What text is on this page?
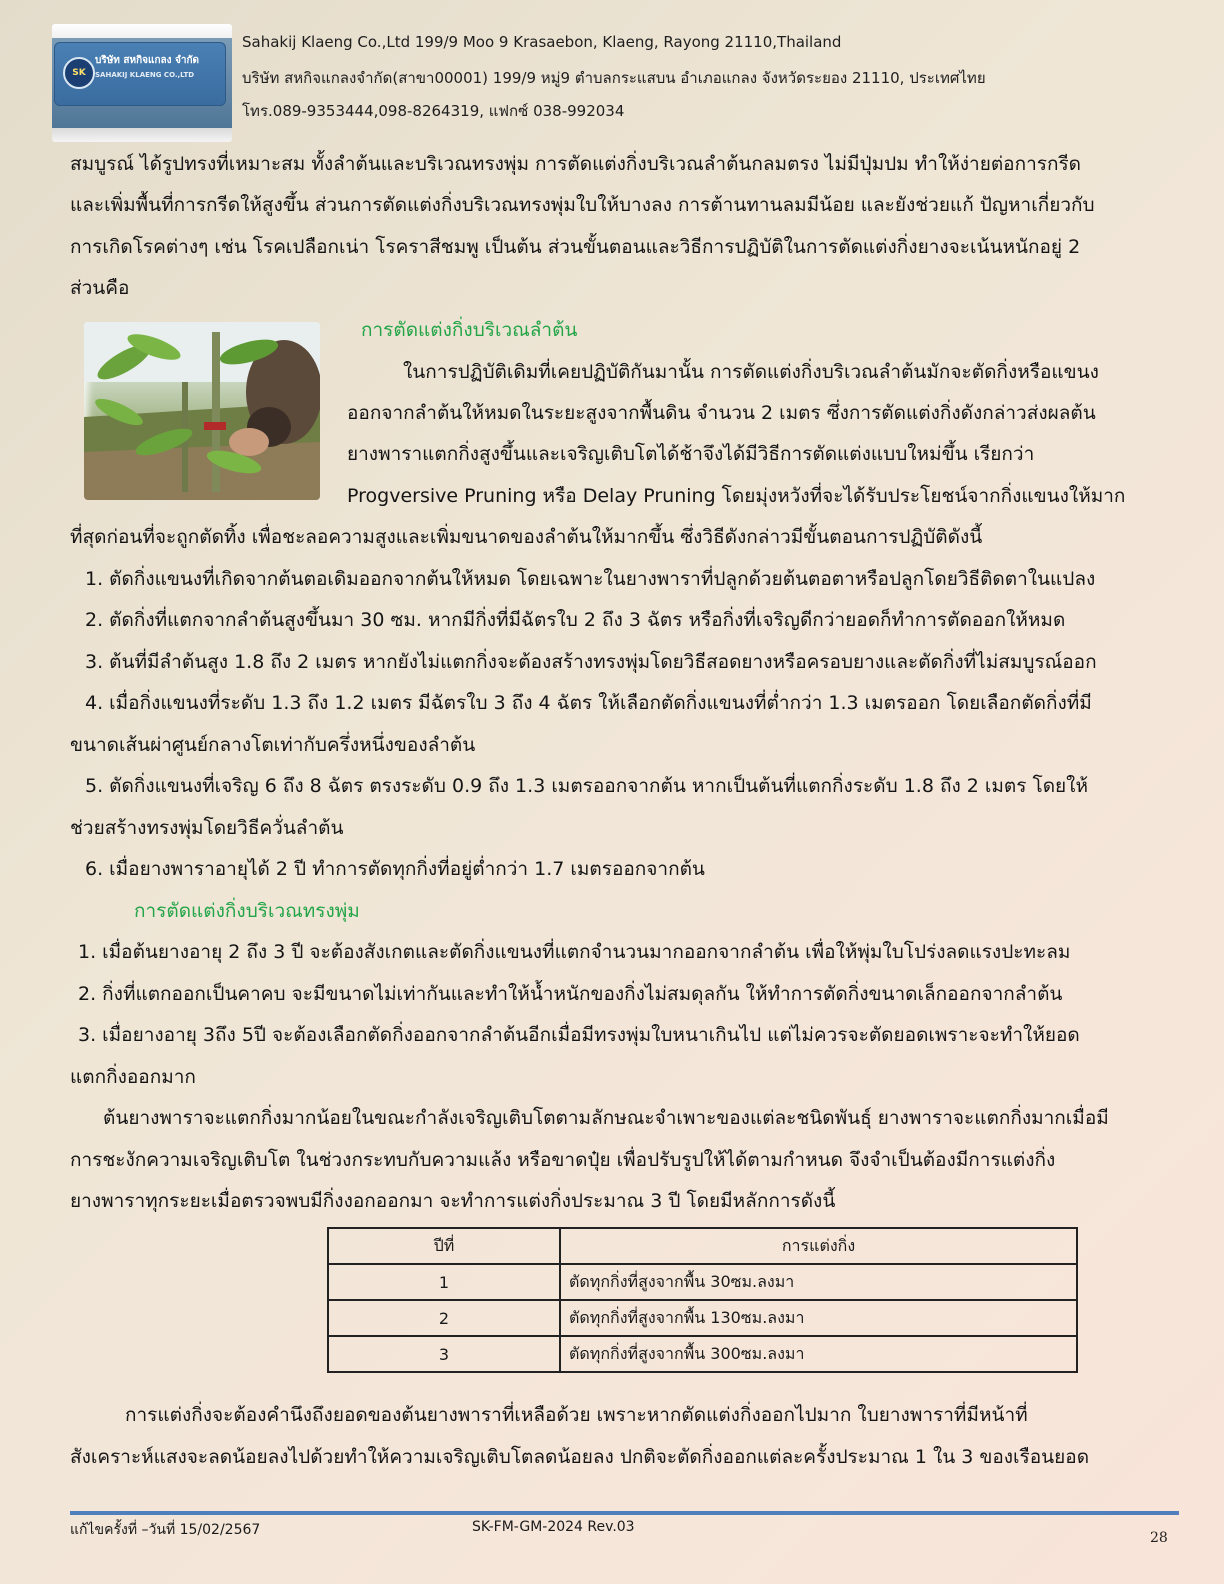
SK
บริษัท สหกิจแกลง จำกัด
SAHAKIJ KLAENG CO.,LTD
Sahakij Klaeng Co.,Ltd 199/9 Moo 9 Krasaebon, Klaeng, Rayong 21110,Thailand
บริษัท สหกิจแกลงจำกัด(สาขา00001) 199/9 หมู่9 ตำบลกระแสบน อำเภอแกลง จังหวัดระยอง 21110, ประเทศไทย
โทร.089-9353444,098-8264319, แฟกซ์ 038-992034
สมบูรณ์ ได้รูปทรงที่เหมาะสม ทั้งลำต้นและบริเวณทรงพุ่ม การตัดแต่งกิ่งบริเวณลำต้นกลมตรง ไม่มีปุ่มปม ทำให้ง่ายต่อการกรีด
และเพิ่มพื้นที่การกรีดให้สูงขึ้น ส่วนการตัดแต่งกิ่งบริเวณทรงพุ่มใบให้บางลง การต้านทานลมมีน้อย และยังช่วยแก้ ปัญหาเกี่ยวกับ
การเกิดโรคต่างๆ เช่น โรคเปลือกเน่า โรคราสีชมพู เป็นต้น ส่วนขั้นตอนและวิธีการปฏิบัติในการตัดแต่งกิ่งยางจะเน้นหนักอยู่ 2
ส่วนคือ
การตัดแต่งกิ่งบริเวณลำต้น
ในการปฏิบัติเดิมที่เคยปฏิบัติกันมานั้น การตัดแต่งกิ่งบริเวณลำต้นมักจะตัดกิ่งหรือแขนง
ออกจากลำต้นให้หมดในระยะสูงจากพื้นดิน จำนวน 2 เมตร ซึ่งการตัดแต่งกิ่งดังกล่าวส่งผลต้น
ยางพาราแตกกิ่งสูงขึ้นและเจริญเติบโตได้ช้าจึงได้มีวิธีการตัดแต่งแบบใหม่ขึ้น เรียกว่า
Progversive Pruning หรือ Delay Pruning โดยมุ่งหวังที่จะได้รับประโยชน์จากกิ่งแขนงให้มาก
ที่สุดก่อนที่จะถูกตัดทิ้ง เพื่อชะลอความสูงและเพิ่มขนาดของลำต้นให้มากขึ้น ซึ่งวิธีดังกล่าวมีขั้นตอนการปฏิบัติดังนี้
1. ตัดกิ่งแขนงที่เกิดจากต้นตอเดิมออกจากต้นให้หมด โดยเฉพาะในยางพาราที่ปลูกด้วยต้นตอตาหรือปลูกโดยวิธีติดตาในแปลง
2. ตัดกิ่งที่แตกจากลำต้นสูงขึ้นมา 30 ซม. หากมีกิ่งที่มีฉัตรใบ 2 ถึง 3 ฉัตร หรือกิ่งที่เจริญดีกว่ายอดก็ทำการตัดออกให้หมด
3. ต้นที่มีลำต้นสูง 1.8 ถึง 2 เมตร หากยังไม่แตกกิ่งจะต้องสร้างทรงพุ่มโดยวิธีสอดยางหรือครอบยางและตัดกิ่งที่ไม่สมบูรณ์ออก
4. เมื่อกิ่งแขนงที่ระดับ 1.3 ถึง 1.2 เมตร มีฉัตรใบ 3 ถึง 4 ฉัตร ให้เลือกตัดกิ่งแขนงที่ต่ำกว่า 1.3 เมตรออก โดยเลือกตัดกิ่งที่มี
ขนาดเส้นผ่าศูนย์กลางโตเท่ากับครึ่งหนึ่งของลำต้น
5. ตัดกิ่งแขนงที่เจริญ 6 ถึง 8 ฉัตร ตรงระดับ 0.9 ถึง 1.3 เมตรออกจากต้น หากเป็นต้นที่แตกกิ่งระดับ 1.8 ถึง 2 เมตร โดยให้
ช่วยสร้างทรงพุ่มโดยวิธีควั่นลำต้น
6. เมื่อยางพาราอายุได้ 2 ปี ทำการตัดทุกกิ่งที่อยู่ต่ำกว่า 1.7 เมตรออกจากต้น
การตัดแต่งกิ่งบริเวณทรงพุ่ม
1. เมื่อต้นยางอายุ 2 ถึง 3 ปี จะต้องสังเกตและตัดกิ่งแขนงที่แตกจำนวนมากออกจากลำต้น เพื่อให้พุ่มใบโปร่งลดแรงปะทะลม
2. กิ่งที่แตกออกเป็นคาคบ จะมีขนาดไม่เท่ากันและทำให้น้ำหนักของกิ่งไม่สมดุลกัน ให้ทำการตัดกิ่งขนาดเล็กออกจากลำต้น
3. เมื่อยางอายุ 3ถึง 5ปี จะต้องเลือกตัดกิ่งออกจากลำต้นอีกเมื่อมีทรงพุ่มใบหนาเกินไป แต่ไม่ควรจะตัดยอดเพราะจะทำให้ยอด
แตกกิ่งออกมาก
ต้นยางพาราจะแตกกิ่งมากน้อยในขณะกำลังเจริญเติบโตตามลักษณะจำเพาะของแต่ละชนิดพันธุ์ ยางพาราจะแตกกิ่งมากเมื่อมี
การชะงักความเจริญเติบโต ในช่วงกระทบกับความแล้ง หรือขาดปุ๋ย เพื่อปรับรูปให้ได้ตามกำหนด จึงจำเป็นต้องมีการแต่งกิ่ง
ยางพาราทุกระยะเมื่อตรวจพบมีกิ่งงอกออกมา จะทำการแต่งกิ่งประมาณ 3 ปี โดยมีหลักการดังนี้
ปีที่	การแต่งกิ่ง
1	ตัดทุกกิ่งที่สูงจากพื้น 30ซม.ลงมา
2	ตัดทุกกิ่งที่สูงจากพื้น 130ซม.ลงมา
3	ตัดทุกกิ่งที่สูงจากพื้น 300ซม.ลงมา
การแต่งกิ่งจะต้องคำนึงถึงยอดของต้นยางพาราที่เหลือด้วย เพราะหากตัดแต่งกิ่งออกไปมาก ใบยางพาราที่มีหน้าที่
สังเคราะห์แสงจะลดน้อยลงไปด้วยทำให้ความเจริญเติบโตลดน้อยลง ปกติจะตัดกิ่งออกแต่ละครั้งประมาณ 1 ใน 3 ของเรือนยอด
แก้ไขครั้งที่ –วันที่ 15/02/2567	SK-FM-GM-2024 Rev.03
28
